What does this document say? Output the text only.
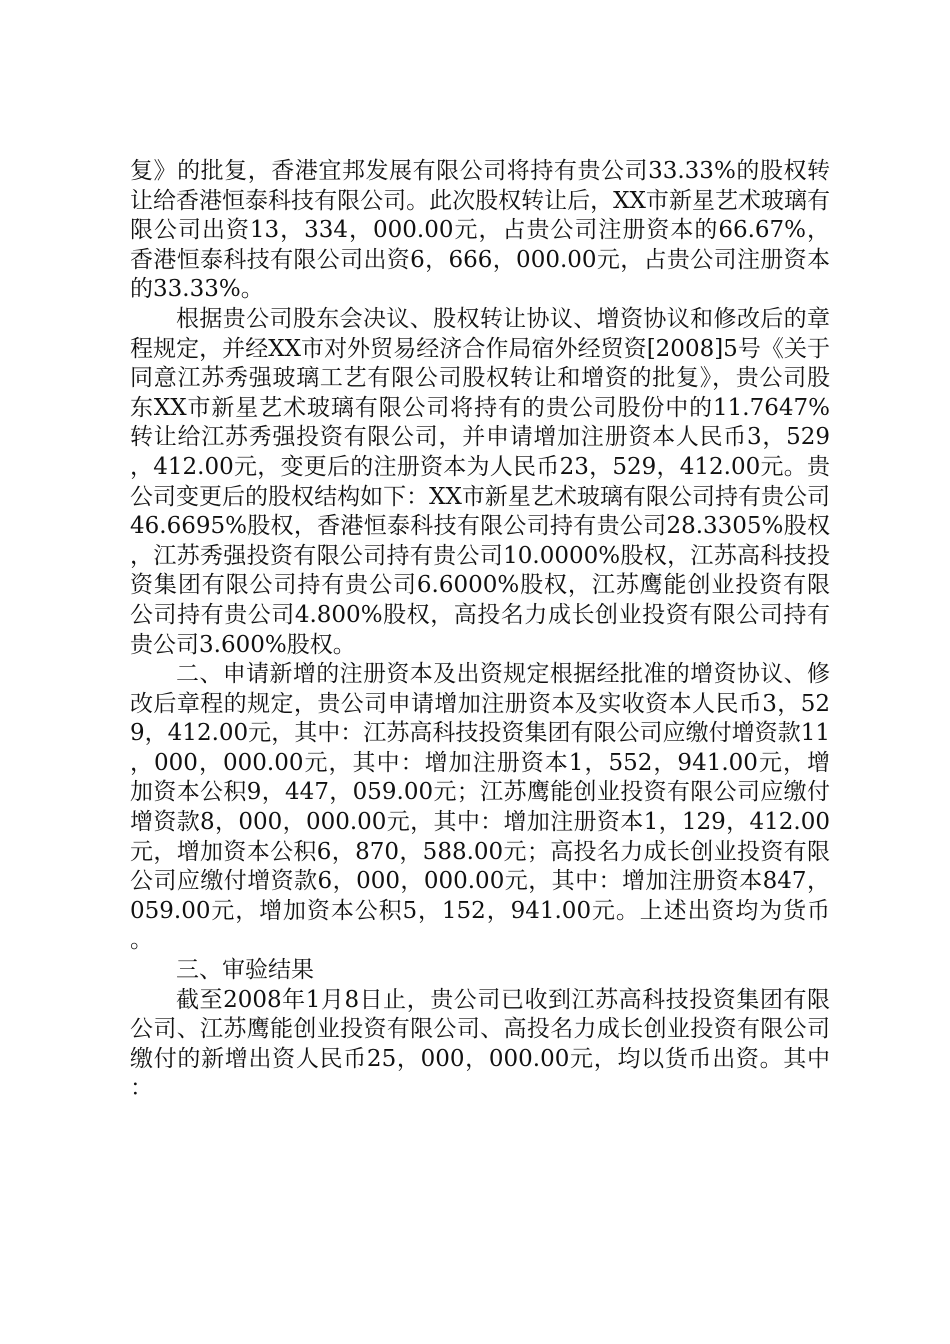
复》的批复，香港宜邦发展有限公司将持有贵公司33.33%的股权转让给香港恒泰科技有限公司。此次股权转让后，XX市新星艺术玻璃有限公司出资13，334，000.00元，占贵公司注册资本的66.67%，香港恒泰科技有限公司出资6，666，000.00元，占贵公司注册资本的33.33%。

根据贵公司股东会决议、股权转让协议、增资协议和修改后的章程规定，并经XX市对外贸易经济合作局宿外经贸资[2008]5号《关于同意江苏秀强玻璃工艺有限公司股权转让和增资的批复》，贵公司股东XX市新星艺术玻璃有限公司将持有的贵公司股份中的11.7647%转让给江苏秀强投资有限公司，并申请增加注册资本人民币3，529，412.00元，变更后的注册资本为人民币23，529，412.00元。贵公司变更后的股权结构如下：XX市新星艺术玻璃有限公司持有贵公司46.6695%股权，香港恒泰科技有限公司持有贵公司28.3305%股权，江苏秀强投资有限公司持有贵公司10.0000%股权，江苏高科技投资集团有限公司持有贵公司6.6000%股权，江苏鹰能创业投资有限公司持有贵公司4.800%股权，高投名力成长创业投资有限公司持有贵公司3.600%股权。

二、申请新增的注册资本及出资规定根据经批准的增资协议、修改后章程的规定，贵公司申请增加注册资本及实收资本人民币3，529，412.00元，其中：江苏高科技投资集团有限公司应缴付增资款11，000，000.00元，其中：增加注册资本1，552，941.00元，增加资本公积9，447，059.00元；江苏鹰能创业投资有限公司应缴付增资款8，000，000.00元，其中：增加注册资本1，129，412.00元，增加资本公积6，870，588.00元；高投名力成长创业投资有限公司应缴付增资款6，000，000.00元，其中：增加注册资本847，059.00元，增加资本公积5，152，941.00元。上述出资均为货币。

三、审验结果

截至2008年1月8日止，贵公司已收到江苏高科技投资集团有限公司、江苏鹰能创业投资有限公司、高投名力成长创业投资有限公司缴付的新增出资人民币25，000，000.00元，均以货币出资。其中：
